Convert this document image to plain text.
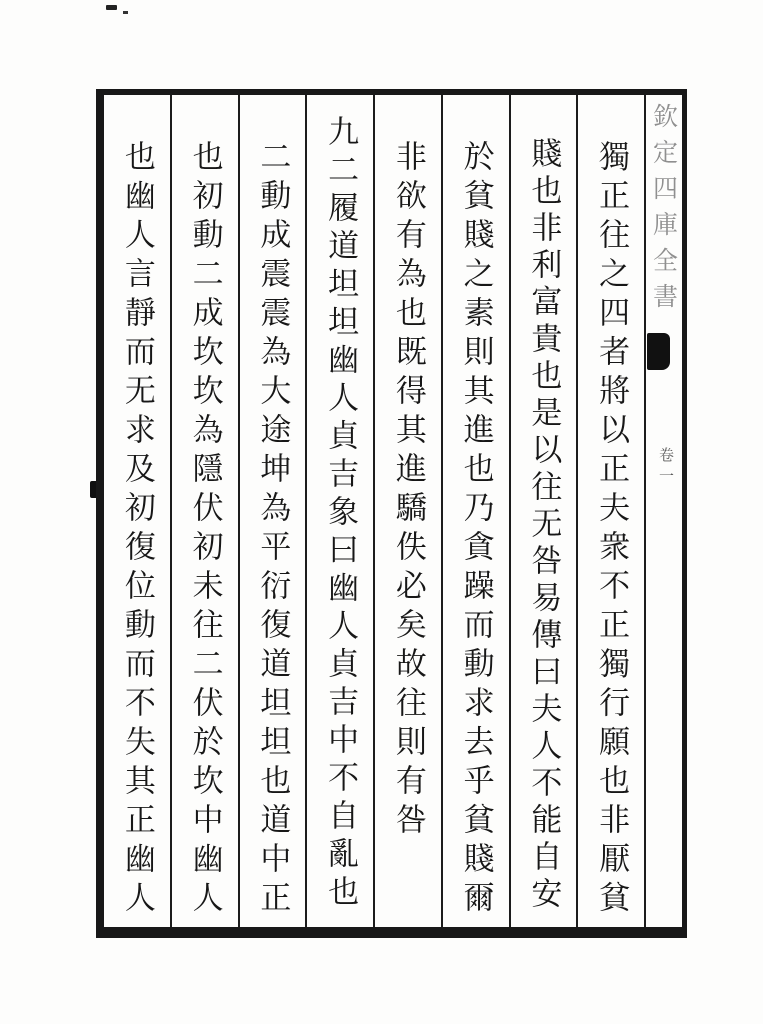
欽定四庫全書
獨正往之四者將以正夫衆不正獨行願也非厭貧
賤也非利富貴也是以往无咎易傳曰夫人不能自安
於貧賤之素則其進也乃貪躁而動求去乎貧賤爾
非欲有為也既得其進驕佚必矣故往則有咎
九二履道坦坦幽人貞吉象曰幽人貞吉中不自亂也
二動成震震為大途坤為平衍復道坦坦也道中正
也初動二成坎坎為隱伏初未往二伏於坎中幽人
也幽人言靜而无求及初復位動而不失其正幽人	卷一
